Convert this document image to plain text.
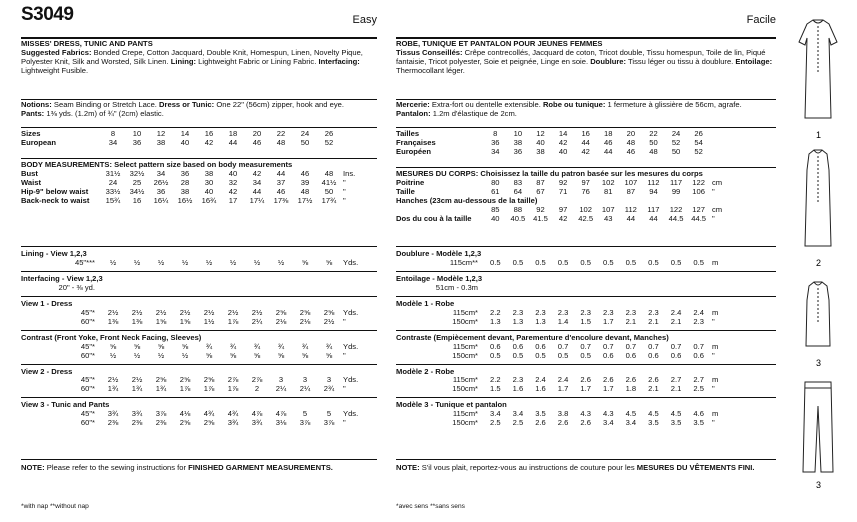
S3049	Easy
MISSES' DRESS, TUNIC AND PANTS
Suggested Fabrics: Bonded Crepe, Cotton Jacquard, Double Knit, Homespun, Linen, Novelty Pique, Polyester Knit, Silk and Worsted, Silk Linen. Lining: Lightweight Fabric or Lining Fabric. Interfacing: Lightweight Fusible.
Notions: Seam Binding or Stretch Lace. Dress or Tunic: One 22" (56cm) zipper, hook and eye.
Pants: 1⅜ yds. (1.2m) of ¾" (2cm) elastic.
Sizes	8	10	12	14	16	18	20	22	24	26
European	34	36	38	40	42	44	46	48	50	52
BODY MEASUREMENTS: Select pattern size based on body measurements
Bust	31½	32½	34	36	38	40	42	44	46	48	Ins.
Waist	24	25	26½	28	30	32	34	37	39	41½ "
Hip-9" below waist	33½	34½	36	38	40	42	44	46	48	50	"
Back-neck to waist	15¾	16	16¼	16½	16¾	17	17¼	17⅜	17½	17¾ "
Lining - View 1,2,3
45"***	½	½	½	½	½	½	½	½	⅝	⅝	Yds.
Interfacing - View 1,2,3
20" - ⅜ yd.
View 1 - Dress
45"*	2½	2½	2½	2½	2½	2½	2½	2⅝	2⅝	2⅝	Yds.
60"*	1⅜	1⅜	1⅝	1⅝	1½	1⅞	2¼	2⅛	2⅛	2½	"
Contrast (Front Yoke, Front Neck Facing, Sleeves)
45"*	⅝	⅝	⅝	⅝	¾	¾	¾	¾	¾	¾	Yds.
60"*	½	½	½	½	⅝	⅝	⅝	⅝	⅝	⅝	"
View 2 - Dress
45"*	2½	2½	2⅝	2⅝	2⅝	2⅞	2⅞	3	3	3	Yds.
60"*	1¾	1¾	1¾	1⅞	1⅞	1⅞	2	2¼	2¼	2¾	"
View 3 - Tunic and Pants
45"*	3¾	3¾	3⅞	4⅛	4¾	4¾	4⅞	4⅞	5	5	Yds.
60"*	2⅜	2⅜	2⅜	2⅝	2⅝	3¾	3¾	3⅛	3⅞	3⅞	"
NOTE: Please refer to the sewing instructions for FINISHED GARMENT MEASUREMENTS.
*with nap **without nap
Facile
ROBE, TUNIQUE ET PANTALON POUR JEUNES FEMMES
Tissus Conseillés: Crêpe contrecollés, Jacquard de coton, Tricot double, Tissu homespun, Toile de lin, Piqué fantaisie, Tricot polyester, Soie et peignée, Linge en soie. Doublure: Tissu léger ou tissu à doublure. Entoilage: Thermocollant léger.
Mercerie: Extra-fort ou dentelle extensible. Robe ou tunique: 1 fermeture à glissière de 56cm, agrafe. Pantalon: 1.2m d'élastique de 2cm.
Tailles	8	10	12	14	16	18	20	22	24	26
Françaises	36	38	40	42	44	46	48	50	52	54
Européen	34	36	38	40	42	44	46	48	50	52
MESURES DU CORPS: Choisissez la taille du patron basée sur les mesures du corps
Poitrine	80	83	87	92	97	102	107	112	117	122 cm
Taille	61	64	67	71	76	81	87	94	99	106 "
Hanches (23cm au-dessous de la taille)
85	88	92	97	102	107	112	117	122	127 cm
Dos du cou à la taille	40	40.5	41.5	42	42.5	43	44	44	44.5	44.5 "
Doublure - Modèle 1,2,3
115cm**	0.5	0.5	0.5	0.5	0.5	0.5	0.5	0.5	0.5	0.5	m
Entoilage - Modèle 1,2,3
51cm - 0.3m
Modèle 1 - Robe
115cm*	2.2	2.3	2.3	2.3	2.3	2.3	2.3	2.3	2.4	2.4	m
150cm*	1.3	1.3	1.3	1.4	1.5	1.7	2.1	2.1	2.1	2.3	"
Contraste (Empiècement devant, Parementure d'encolure devant, Manches)
115cm*	0.6	0.6	0.6	0.7	0.7	0.7	0.7	0.7	0.7	0.7	m
150cm*	0.5	0.5	0.5	0.5	0.5	0.6	0.6	0.6	0.6	0.6	"
Modèle 2 - Robe
115cm*	2.2	2.3	2.4	2.4	2.6	2.6	2.6	2.6	2.7	2.7	m
150cm*	1.5	1.6	1.6	1.7	1.7	1.7	1.8	2.1	2.1	2.5	"
Modèle 3 - Tunique et pantalon
115cm*	3.4	3.4	3.5	3.8	4.3	4.3	4.5	4.5	4.5	4.6	m
150cm*	2.5	2.5	2.6	2.6	2.6	3.4	3.4	3.5	3.5	3.5	"
NOTE: S'il vous plait, reportez-vous au instructions de couture pour les MESURES DU VÊTEMENTS FINI.
*avec sens **sans sens
1
2
3
3
